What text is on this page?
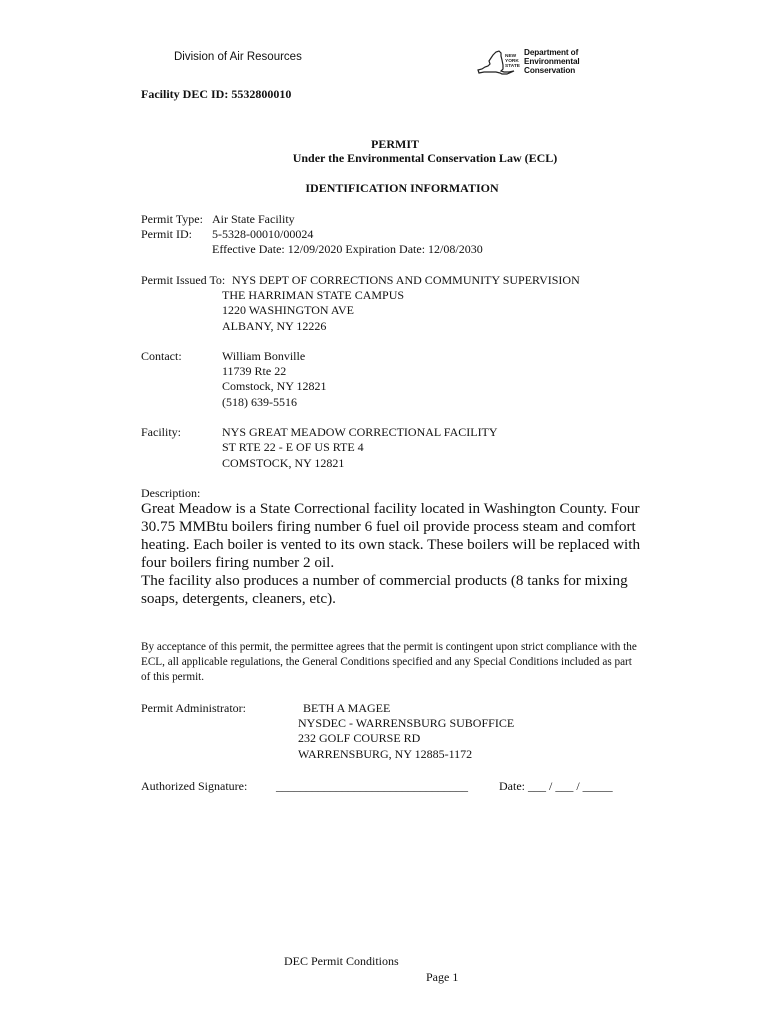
Division of Air Resources	NEW
YORK
STATE
Department of
Environmental
Conservation
Facility DEC ID: 5532800010
PERMIT
Under the Environmental Conservation Law (ECL)
IDENTIFICATION INFORMATION
Permit Type: Air State Facility
Permit ID: 5-5328-00010/00024
Effective Date: 12/09/2020 Expiration Date: 12/08/2030
Permit Issued To: NYS DEPT OF CORRECTIONS AND COMMUNITY SUPERVISION
THE HARRIMAN STATE CAMPUS
1220 WASHINGTON AVE
ALBANY, NY 12226
Contact:	William Bonville
11739 Rte 22
Comstock, NY 12821
(518) 639-5516
Facility:	NYS GREAT MEADOW CORRECTIONAL FACILITY
ST RTE 22 - E OF US RTE 4
COMSTOCK, NY 12821
Description:

Great Meadow is a State Correctional facility located in Washington County. Four 30.75 MMBtu boilers firing number 6 fuel oil provide process steam and comfort heating. Each boiler is vented to its own stack. These boilers will be replaced with four boilers firing number 2 oil.

The facility also produces a number of commercial products (8 tanks for mixing soaps, detergents, cleaners, etc).

By acceptance of this permit, the permittee agrees that the permit is contingent upon strict compliance with the ECL, all applicable regulations, the General Conditions specified and any Special Conditions included as part of this permit.
Permit Administrator:	BETH A MAGEE
NYSDEC - WARRENSBURG SUBOFFICE
232 GOLF COURSE RD
WARRENSBURG, NY 12885-1172
Authorized Signature: ________________________________	Date: ___ / ___ / _____
DEC Permit Conditions
Page 1
